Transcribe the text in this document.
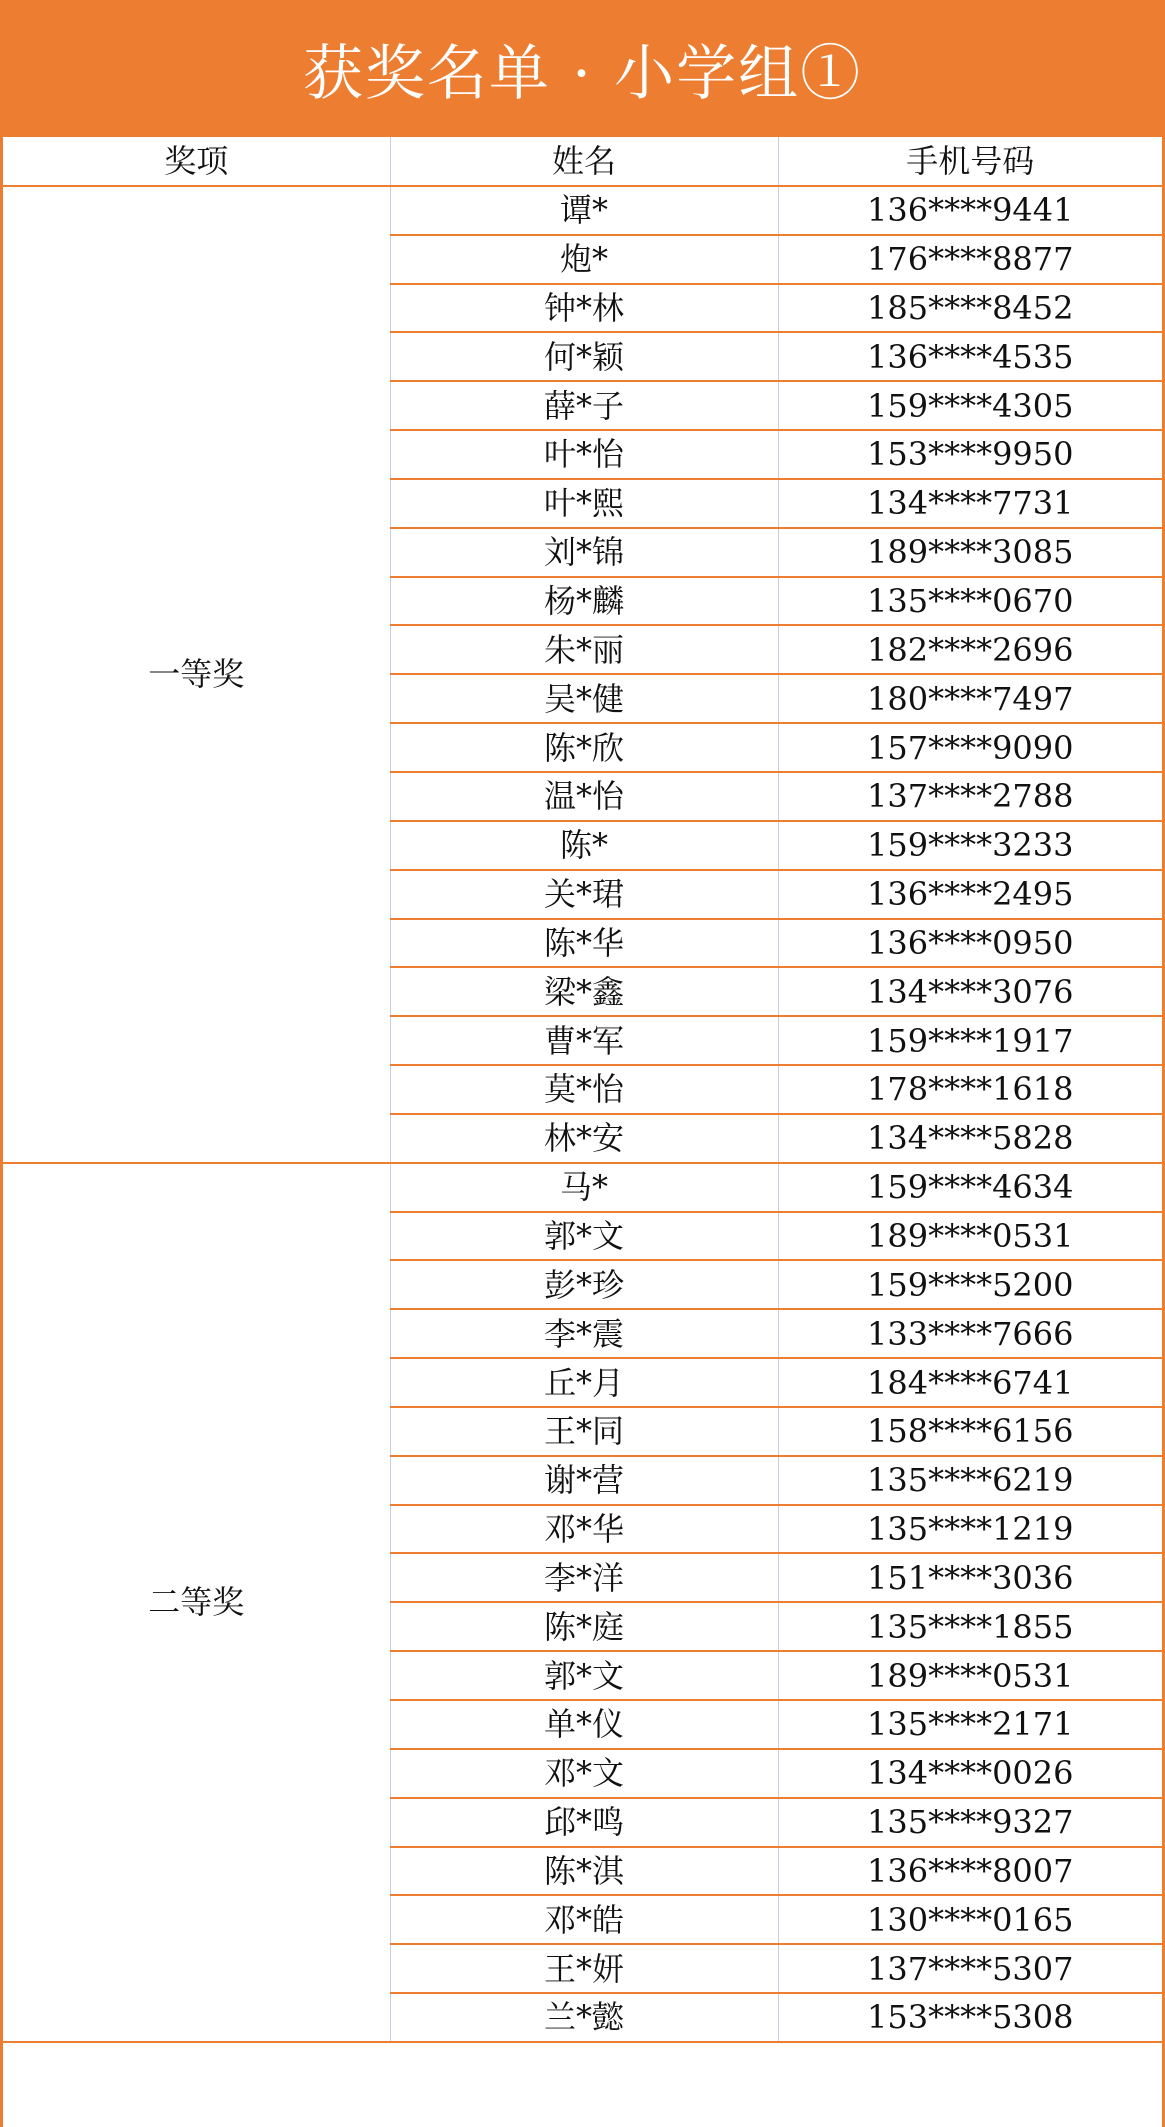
获奖名单 · 小学组①
奖项	姓名	手机号码
一等奖	谭*	136****9441
	炮*	176****8877
	钟*林	185****8452
	何*颖	136****4535
	薛*子	159****4305
	叶*怡	153****9950
	叶*熙	134****7731
	刘*锦	189****3085
	杨*麟	135****0670
	朱*丽	182****2696
	吴*健	180****7497
	陈*欣	157****9090
	温*怡	137****2788
	陈*	159****3233
	关*珺	136****2495
	陈*华	136****0950
	梁*鑫	134****3076
	曹*军	159****1917
	莫*怡	178****1618
	林*安	134****5828
二等奖	马*	159****4634
	郭*文	189****0531
	彭*珍	159****5200
	李*震	133****7666
	丘*月	184****6741
	王*同	158****6156
	谢*营	135****6219
	邓*华	135****1219
	李*洋	151****3036
	陈*庭	135****1855
	郭*文	189****0531
	单*仪	135****2171
	邓*文	134****0026
	邱*鸣	135****9327
	陈*淇	136****8007
	邓*皓	130****0165
	王*妍	137****5307
	兰*懿	153****5308
